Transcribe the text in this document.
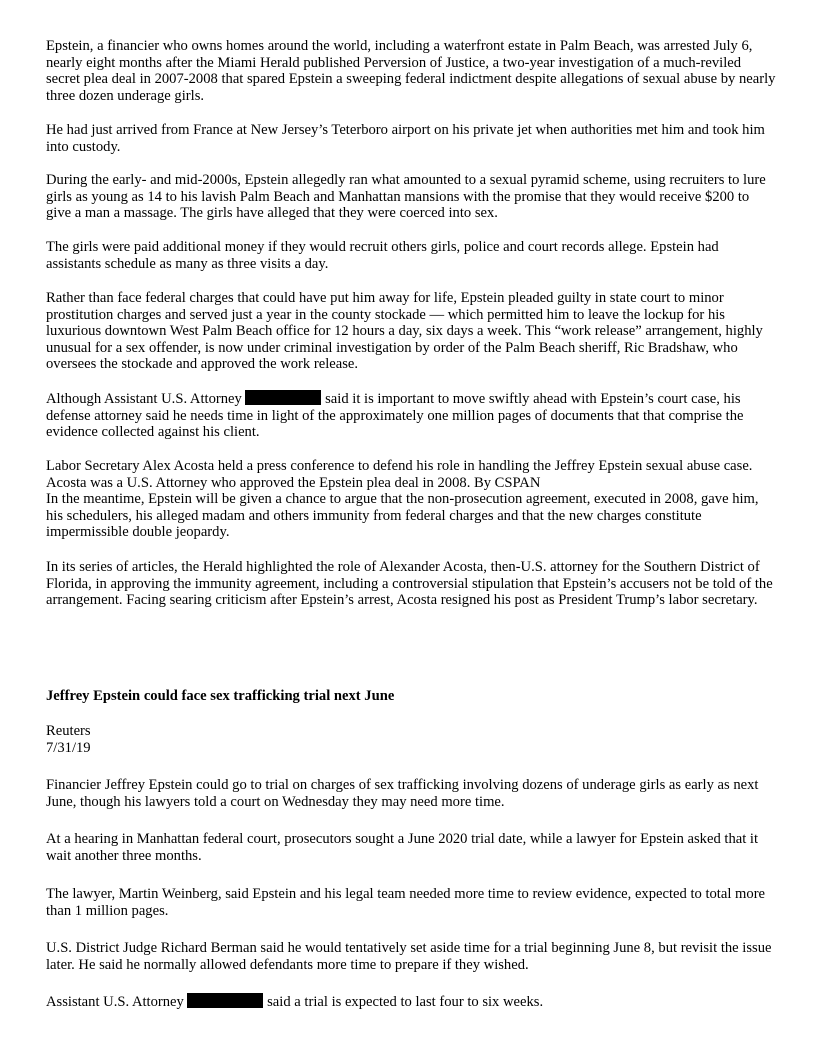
Epstein, a financier who owns homes around the world, including a waterfront estate in Palm Beach, was arrested July 6, nearly eight months after the Miami Herald published Perversion of Justice, a two-year investigation of a much-reviled secret plea deal in 2007-2008 that spared Epstein a sweeping federal indictment despite allegations of sexual abuse by nearly three dozen underage girls.

He had just arrived from France at New Jersey’s Teterboro airport on his private jet when authorities met him and took him into custody.

During the early- and mid-2000s, Epstein allegedly ran what amounted to a sexual pyramid scheme, using recruiters to lure girls as young as 14 to his lavish Palm Beach and Manhattan mansions with the promise that they would receive $200 to give a man a massage. The girls have alleged that they were coerced into sex.

The girls were paid additional money if they would recruit others girls, police and court records allege. Epstein had assistants schedule as many as three visits a day.

Rather than face federal charges that could have put him away for life, Epstein pleaded guilty in state court to minor prostitution charges and served just a year in the county stockade — which permitted him to leave the lockup for his luxurious downtown West Palm Beach office for 12 hours a day, six days a week. This “work release” arrangement, highly unusual for a sex offender, is now under criminal investigation by order of the Palm Beach sheriff, Ric Bradshaw, who oversees the stockade and approved the work release.

Although Assistant U.S. Attorney	said it is important to move swiftly ahead with Epstein’s court case, his defense attorney said he needs time in light of the approximately one million pages of documents that that comprise the evidence collected against his client.

Labor Secretary Alex Acosta held a press conference to defend his role in handling the Jeffrey Epstein sexual abuse case. Acosta was a U.S. Attorney who approved the Epstein plea deal in 2008. By CSPAN
In the meantime, Epstein will be given a chance to argue that the non-prosecution agreement, executed in 2008, gave him, his schedulers, his alleged madam and others immunity from federal charges and that the new charges constitute impermissible double jeopardy.

In its series of articles, the Herald highlighted the role of Alexander Acosta, then-U.S. attorney for the Southern District of Florida, in approving the immunity agreement, including a controversial stipulation that Epstein’s accusers not be told of the arrangement. Facing searing criticism after Epstein’s arrest, Acosta resigned his post as President Trump’s labor secretary.

Jeffrey Epstein could face sex trafficking trial next June

Reuters
7/31/19

Financier Jeffrey Epstein could go to trial on charges of sex trafficking involving dozens of underage girls as early as next June, though his lawyers told a court on Wednesday they may need more time.

At a hearing in Manhattan federal court, prosecutors sought a June 2020 trial date, while a lawyer for Epstein asked that it wait another three months.

The lawyer, Martin Weinberg, said Epstein and his legal team needed more time to review evidence, expected to total more than 1 million pages.

U.S. District Judge Richard Berman said he would tentatively set aside time for a trial beginning June 8, but revisit the issue later. He said he normally allowed defendants more time to prepare if they wished.

Assistant U.S. Attorney	said a trial is expected to last four to six weeks.
